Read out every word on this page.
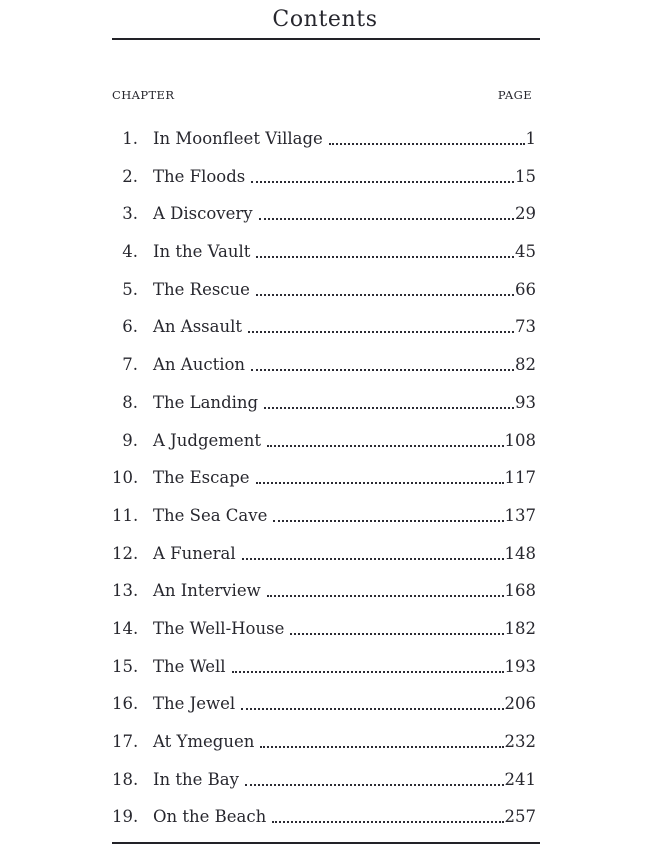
Contents
CHAPTER	PAGE
1. In Moonfleet Village	1
2. The Floods	15
3. A Discovery	29
4. In the Vault	45
5. The Rescue	66
6. An Assault	73
7. An Auction	82
8. The Landing	93
9. A Judgement	108
10. The Escape	117
11. The Sea Cave	137
12. A Funeral	148
13. An Interview	168
14. The Well-House	182
15. The Well	193
16. The Jewel	206
17. At Ymeguen	232
18. In the Bay	241
19. On the Beach	257
